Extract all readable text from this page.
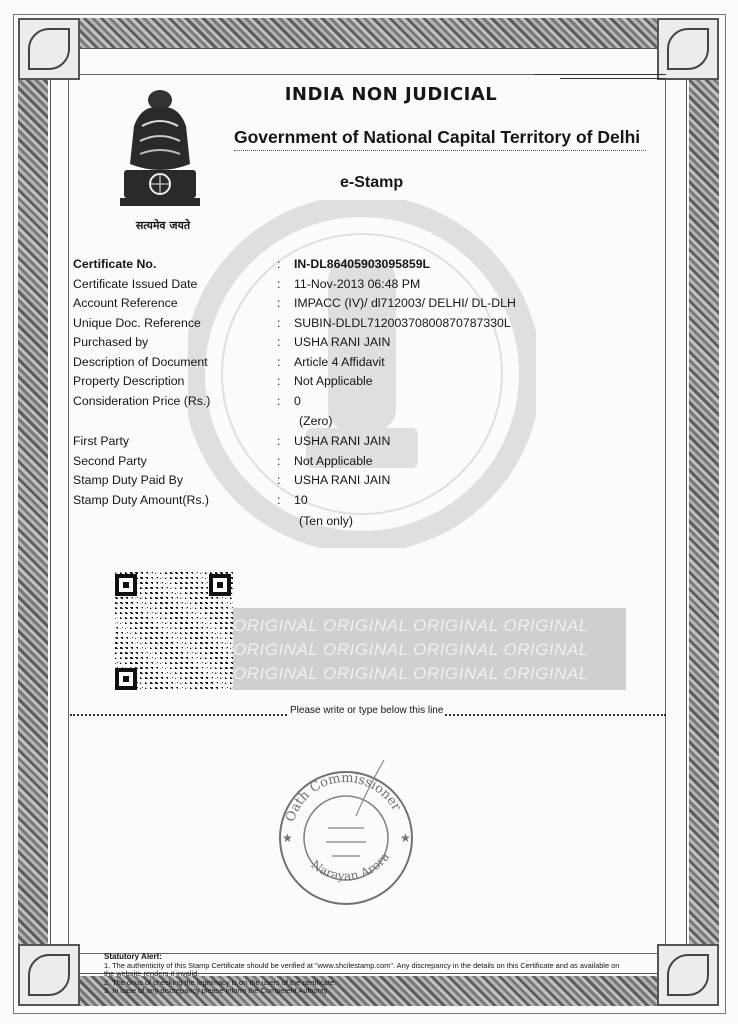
सत्यमेव जयते
INDIA NON JUDICIAL
Government of National Capital Territory of Delhi
e-Stamp
Certificate No.	:	IN-DL86405903095859L
Certificate Issued Date	:	11-Nov-2013 06:48 PM
Account Reference	:	IMPACC (IV)/ dl712003/ DELHI/ DL-DLH
Unique Doc. Reference	:	SUBIN-DLDL71200370800870787330L
Purchased by	:	USHA RANI JAIN
Description of Document	:	Article 4 Affidavit
Property Description	:	Not Applicable
Consideration Price (Rs.)	:	0
(Zero)
First Party	:	USHA RANI JAIN
Second Party	:	Not Applicable
Stamp Duty Paid By	:	USHA RANI JAIN
Stamp Duty Amount(Rs.)	:	10
(Ten only)
ORIGINAL ORIGINAL ORIGINAL ORIGINAL
ORIGINAL ORIGINAL ORIGINAL ORIGINAL
ORIGINAL ORIGINAL ORIGINAL ORIGINAL
Please write or type below this line
Oath Commissioner
Narayan Arora
★
★
Statutory Alert:
1. The authenticity of this Stamp Certificate should be verified at "www.shcilestamp.com". Any discrepancy in the details on this Certificate and as available on the website renders it invalid.
2. The onus of checking the legitimacy is on the users of the certificate.
3. In case of any discrepancy please inform the Competent Authority.
